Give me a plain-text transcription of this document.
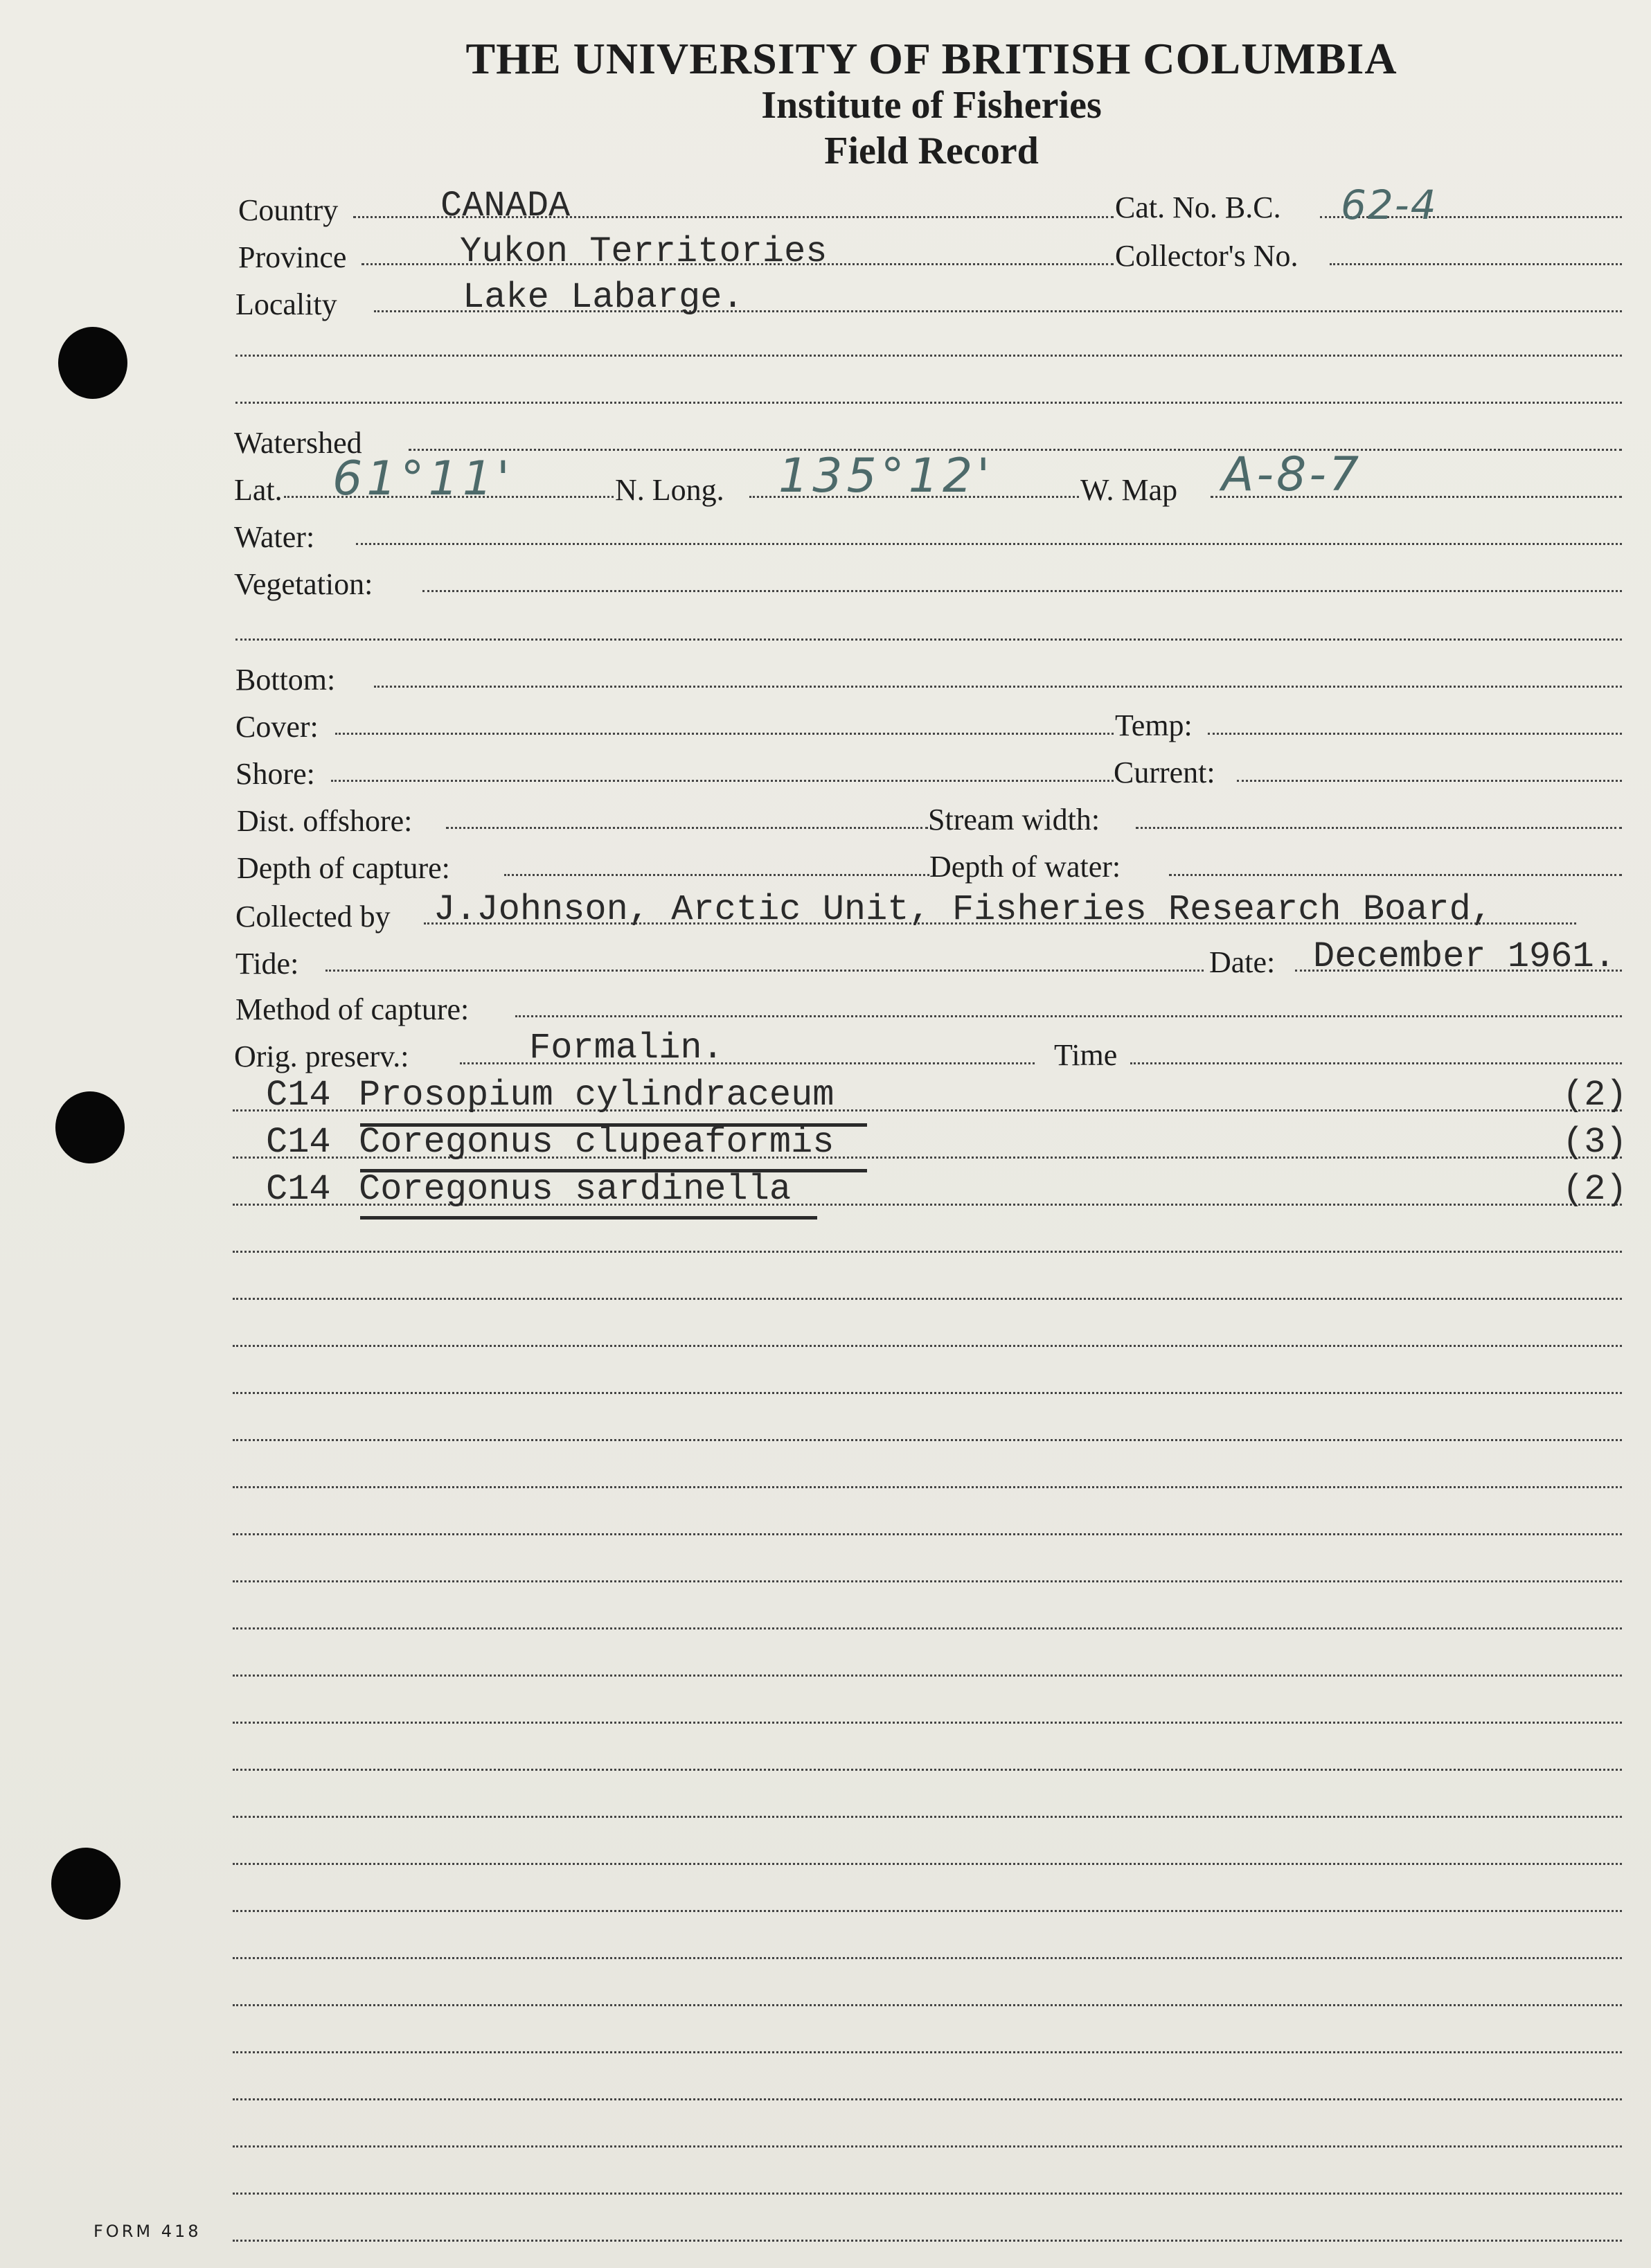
THE UNIVERSITY OF BRITISH COLUMBIA
Institute of Fisheries
Field Record
Country	CANADA	Cat. No. B.C. 62-4
Province	Yukon Territories	Collector's No.
Locality	Lake Labarge.
Watershed
Lat. 61°11'	N. Long. 135°12'	W. Map A-8-7
Water:
Vegetation:
Bottom:
Cover:	Temp:
Shore:	Current:
Dist. offshore:	Stream width:
Depth of capture:	Depth of water:
Collected by J.Johnson, Arctic Unit, Fisheries Research Board,
Tide:	Date: December 1961.
Method of capture:
Orig. preserv.:	Formalin.	Time
C14 Prosopium cylindraceum	(2)
C14 Coregonus clupeaformis	(3)
C14 Coregonus sardinella	(2)
FORM 418
